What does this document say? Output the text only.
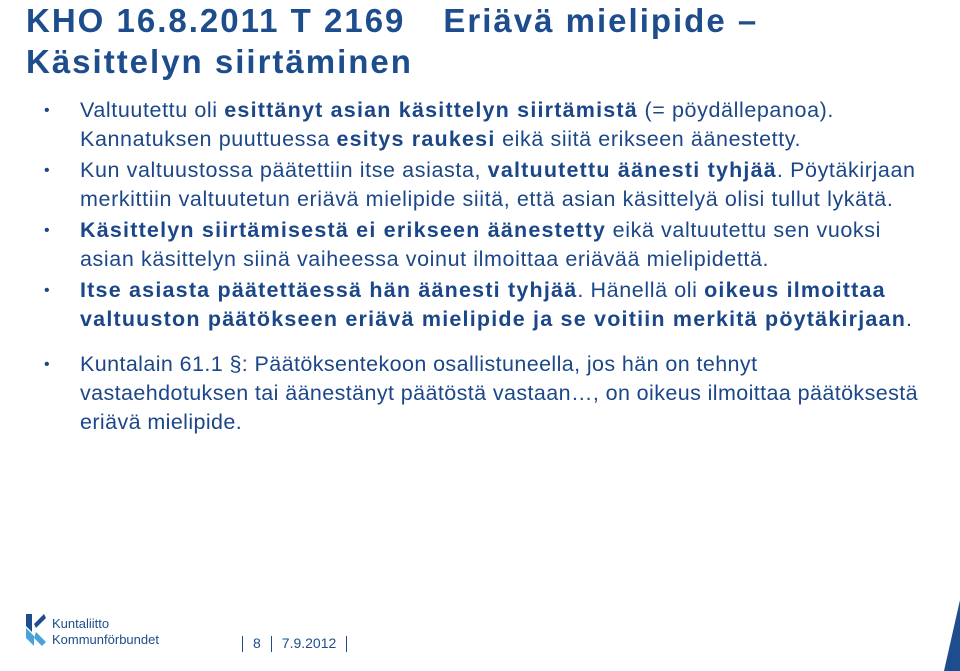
KHO 16.8.2011 T 2169 Eriävä mielipide –
Käsittelyn siirtäminen
• Valtuutettu oli esittänyt asian käsittelyn siirtämistä (= pöydällepanoa). Kannatuksen puuttuessa esitys raukesi eikä siitä erikseen äänestetty.
• Kun valtuustossa päätettiin itse asiasta, valtuutettu äänesti tyhjää. Pöytäkirjaan merkittiin valtuutetun eriävä mielipide siitä, että asian käsittelyä olisi tullut lykätä.
• Käsittelyn siirtämisestä ei erikseen äänestetty eikä valtuutettu sen vuoksi asian käsittelyn siinä vaiheessa voinut ilmoittaa eriävää mielipidettä.
• Itse asiasta päätettäessä hän äänesti tyhjää. Hänellä oli oikeus ilmoittaa valtuuston päätökseen eriävä mielipide ja se voitiin merkitä pöytäkirjaan.
• Kuntalain 61.1 §: Päätöksentekoon osallistuneella, jos hän on tehnyt vastaehdotuksen tai äänestänyt päätöstä vastaan…, on oikeus ilmoittaa päätöksestä eriävä mielipide.
Kuntaliitto
Kommunförbundet	8 7.9.2012
